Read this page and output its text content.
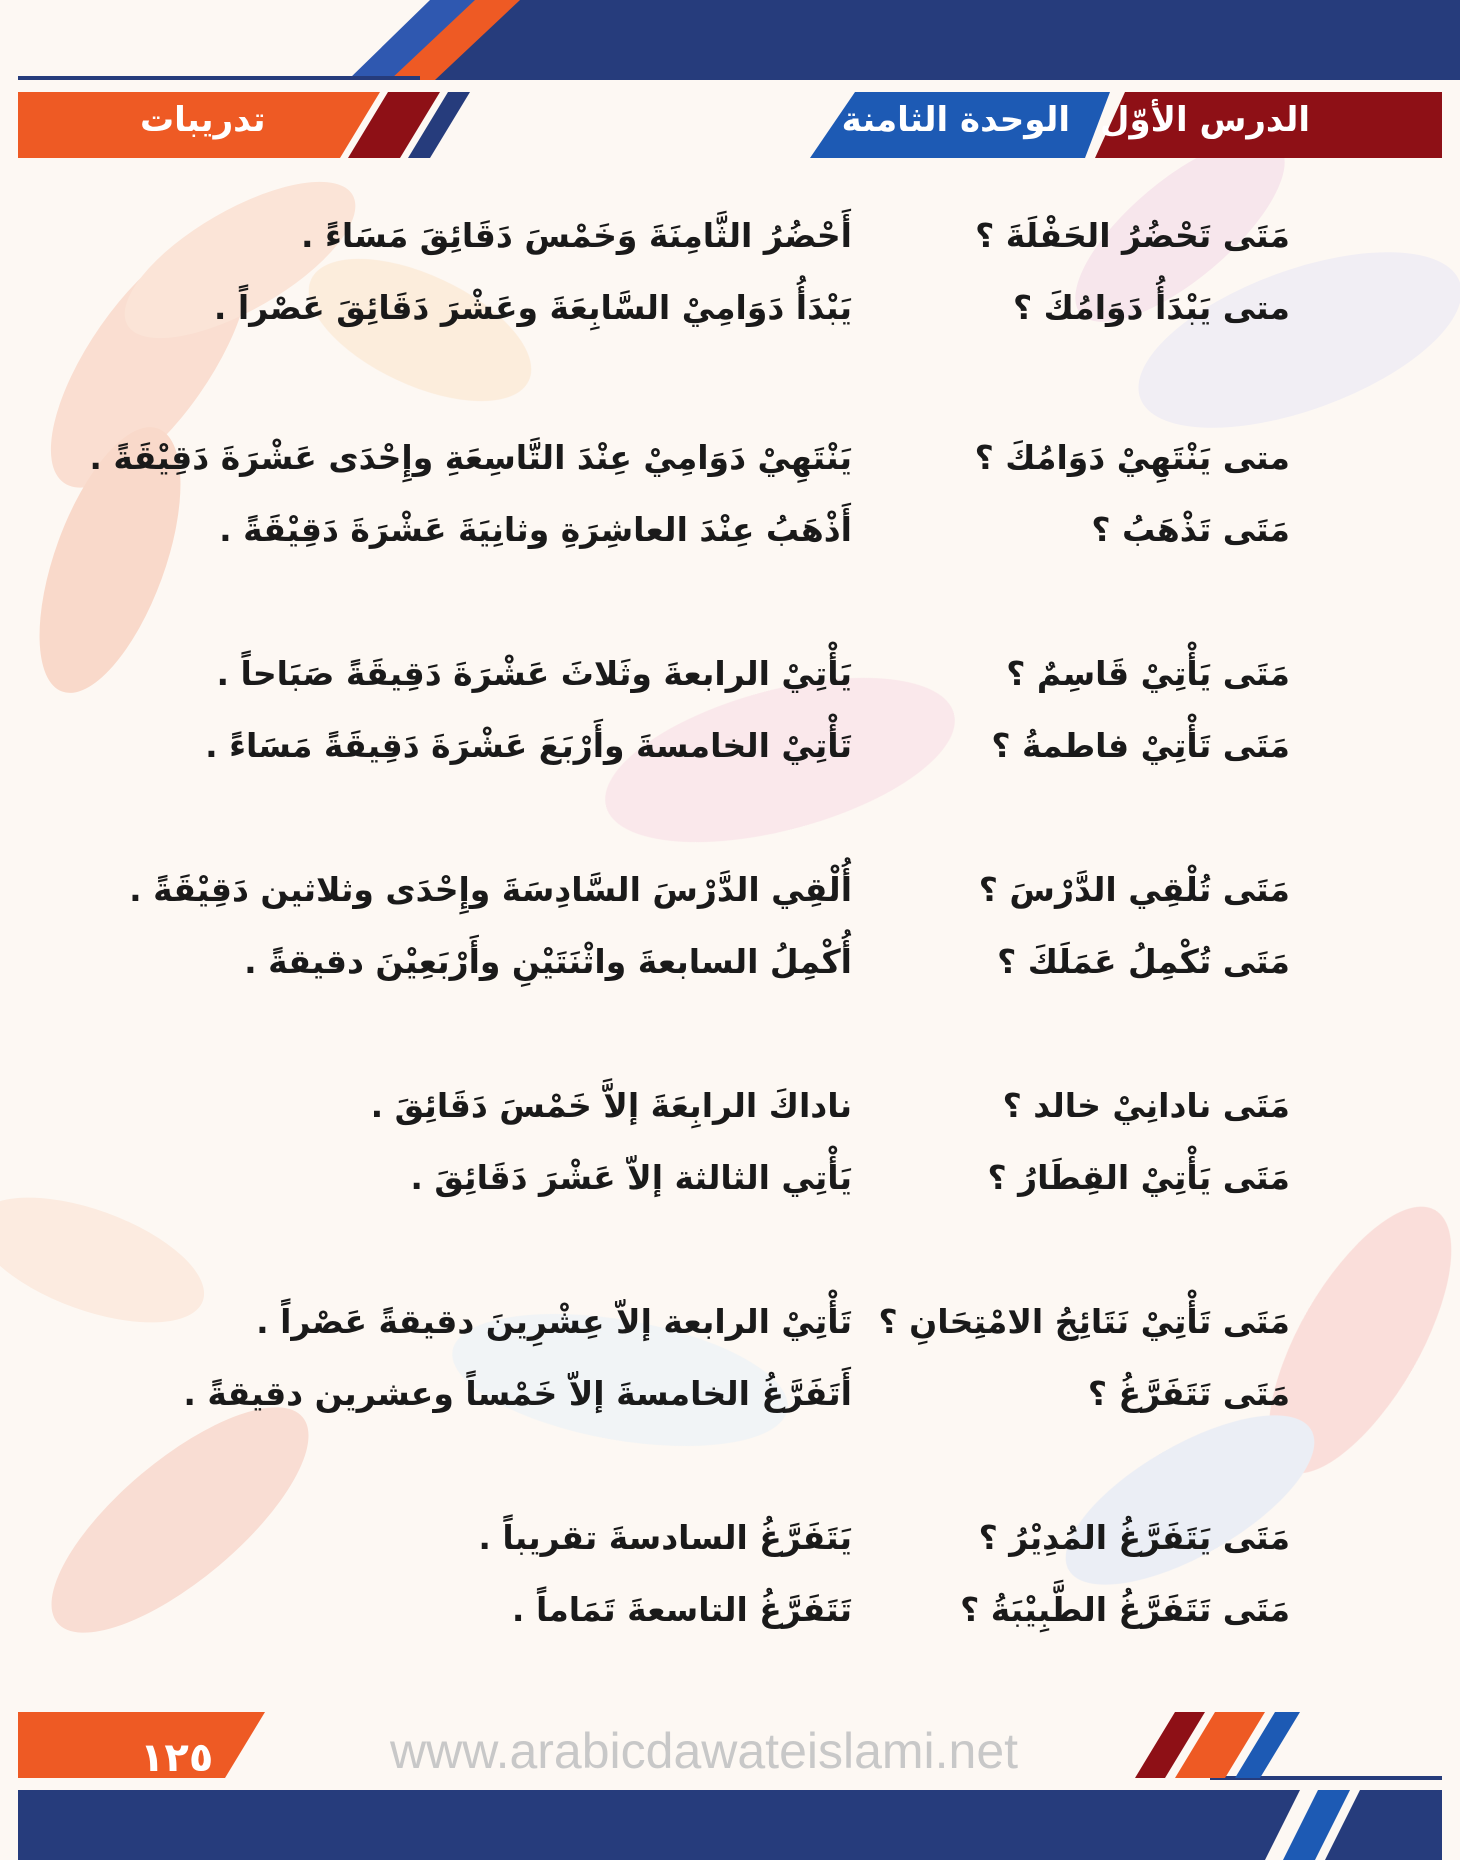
الدرس الأوّل
الوحدة الثامنة
تدريبات
مَتَى تَحْضُرُ الحَفْلَةَ ؟
أَحْضُرُ الثَّامِنَةَ وَخَمْسَ دَقَائِقَ مَسَاءً .
متى يَبْدَأُ دَوَامُكَ ؟
يَبْدَأُ دَوَامِيْ السَّابِعَةَ وعَشْرَ دَقَائِقَ عَصْراً .
متى يَنْتَهِيْ دَوَامُكَ ؟
يَنْتَهِيْ دَوَامِيْ عِنْدَ التَّاسِعَةِ وإِحْدَى عَشْرَةَ دَقِيْقَةً .
مَتَى تَذْهَبُ ؟
أَذْهَبُ عِنْدَ العاشِرَةِ وثانِيَةَ عَشْرَةَ دَقِيْقَةً .
مَتَى يَأْتِيْ قَاسِمٌ ؟
يَأْتِيْ الرابعةَ وثَلاثَ عَشْرَةَ دَقِيقَةً صَبَاحاً .
مَتَى تَأْتِيْ فاطمةُ ؟
تَأْتِيْ الخامسةَ وأَرْبَعَ عَشْرَةَ دَقِيقَةً مَسَاءً .
مَتَى تُلْقِي الدَّرْسَ ؟
أُلْقِي الدَّرْسَ السَّادِسَةَ وإِحْدَى وثلاثين دَقِيْقَةً .
مَتَى تُكْمِلُ عَمَلَكَ ؟
أُكْمِلُ السابعةَ واثْنَتَيْنِ وأَرْبَعِيْنَ دقيقةً .
مَتَى نادانِيْ خالد ؟
ناداكَ الرابِعَةَ إلاَّ خَمْسَ دَقَائِقَ .
مَتَى يَأْتِيْ القِطَارُ ؟
يَأْتِي الثالثة إلاّ عَشْرَ دَقَائِقَ .
مَتَى تَأْتِيْ نَتَائِجُ الامْتِحَانِ ؟
تَأْتِيْ الرابعة إلاّ عِشْرِينَ دقيقةً عَصْراً .
مَتَى تَتَفَرَّغُ ؟
أَتَفَرَّغُ الخامسةَ إلاّ خَمْساً وعشرين دقيقةً .
مَتَى يَتَفَرَّغُ المُدِيْرُ ؟
يَتَفَرَّغُ السادسةَ تقريباً .
مَتَى تَتَفَرَّغُ الطَّبِيْبَةُ ؟
تَتَفَرَّغُ التاسعةَ تَمَاماً .
١٢٥	www.arabicdawateislami.net
